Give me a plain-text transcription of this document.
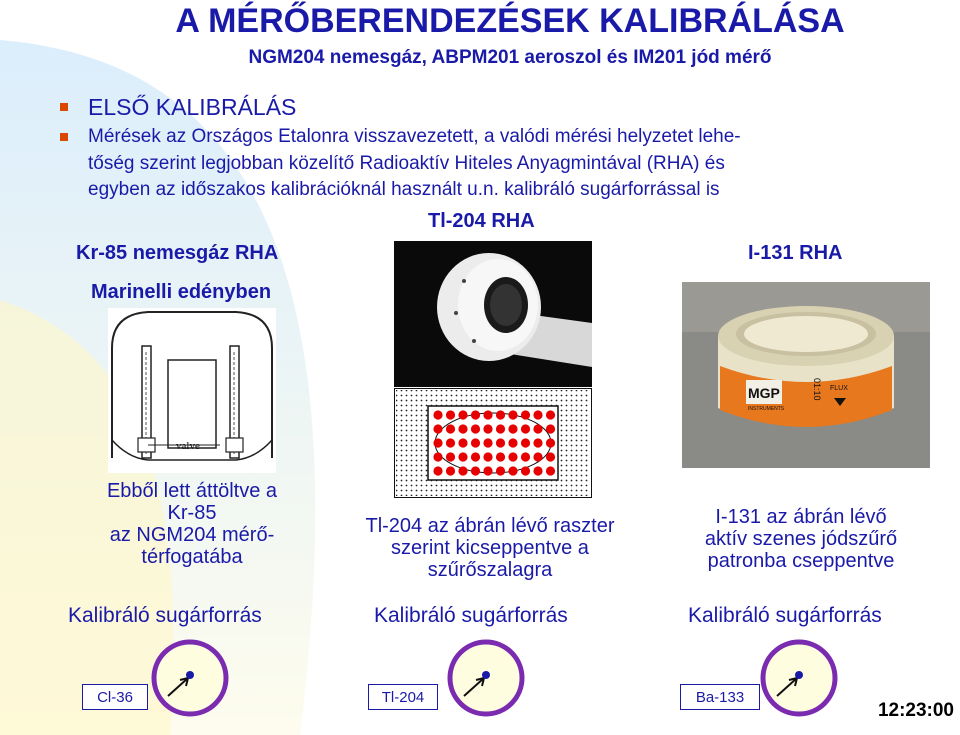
A MÉRŐBERENDEZÉSEK KALIBRÁLÁSA
NGM204 nemesgáz, ABPM201 aeroszol és IM201 jód mérő
ELSŐ KALIBRÁLÁS
Mérések az Országos Etalonra visszavezetett, a valódi mérési helyzetet lehe-
tőség szerint legjobban közelítő Radioaktív Hiteles Anyagmintával (RHA) és
egyben az időszakos kalibrációknál használt u.n. kalibráló sugárforrással is
Kr-85 nemesgáz RHA
Marinelli edényben
Tl-204 RHA
I-131 RHA
valve
MGP
INSTRUMENTS
FLUX
01:10
Ebből lett áttöltve a
Kr-85
az NGM204 mérő-
térfogatába
Tl-204 az ábrán lévő raszter
szerint kicseppentve a
szűrőszalagra
I-131 az ábrán lévő
aktív szenes jódszűrő
patronba cseppentve
Kalibráló sugárforrás	Kalibráló sugárforrás	Kalibráló sugárforrás
Cl-36	Tl-204	Ba-133
12:23:00
